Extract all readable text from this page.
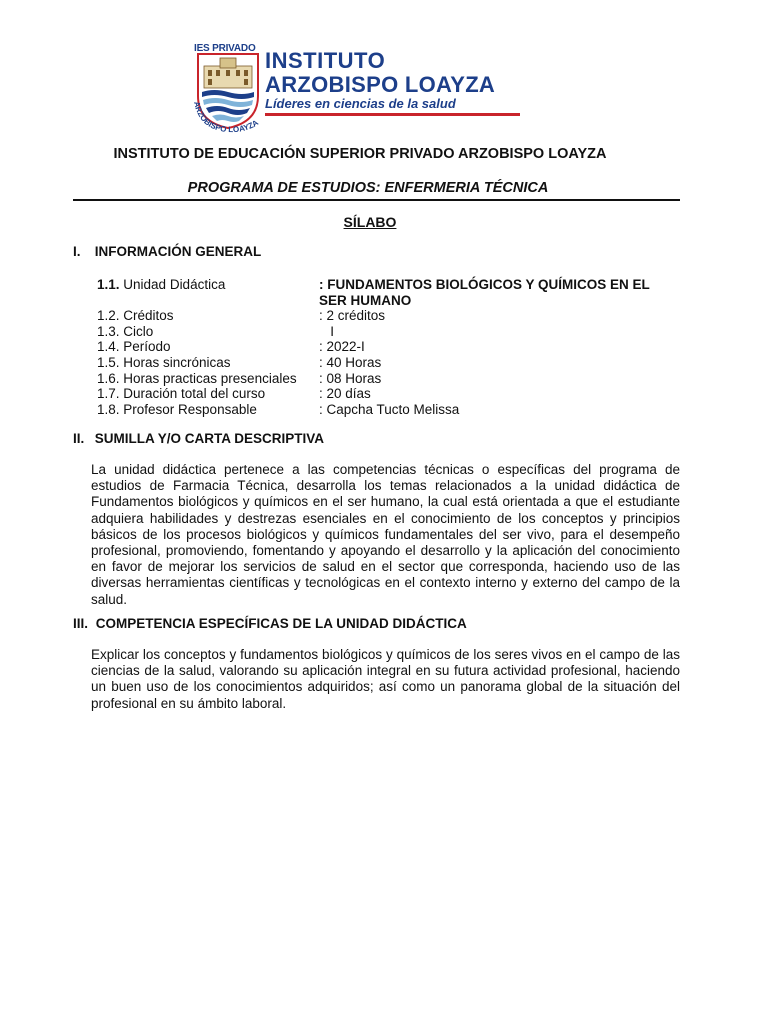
IES PRIVADO
ARZOBISPO LOAYZA
INSTITUTO
ARZOBISPO LOAYZA
Líderes en ciencias de la salud
INSTITUTO DE EDUCACIÓN SUPERIOR PRIVADO ARZOBISPO LOAYZA
PROGRAMA DE ESTUDIOS: ENFERMERIA TÉCNICA
SÍLABO
I. INFORMACIÓN GENERAL
1.1. Unidad Didáctica	: FUNDAMENTOS BIOLÓGICOS Y QUÍMICOS EN EL SER HUMANO
1.2. Créditos	: 2 créditos
1.3. Ciclo	I
1.4. Período	: 2022-I
1.5. Horas sincrónicas	: 40 Horas
1.6. Horas practicas presenciales : 08 Horas
1.7. Duración total del curso	: 20 días
1.8. Profesor Responsable	: Capcha Tucto Melissa
II. SUMILLA Y/O CARTA DESCRIPTIVA
La unidad didáctica pertenece a las competencias técnicas o específicas del programa de estudios de Farmacia Técnica, desarrolla los temas relacionados a la unidad didáctica de Fundamentos biológicos y químicos en el ser humano, la cual está orientada a que el estudiante adquiera habilidades y destrezas esenciales en el conocimiento de los conceptos y principios básicos de los procesos biológicos y químicos fundamentales del ser vivo, para el desempeño profesional, promoviendo, fomentando y apoyando el desarrollo y la aplicación del conocimiento en favor de mejorar los servicios de salud en el sector que corresponda, haciendo uso de las diversas herramientas científicas y tecnológicas en el contexto interno y externo del campo de la salud.
III. COMPETENCIA ESPECÍFICAS DE LA UNIDAD DIDÁCTICA
Explicar los conceptos y fundamentos biológicos y químicos de los seres vivos en el campo de las ciencias de la salud, valorando su aplicación integral en su futura actividad profesional, haciendo un buen uso de los conocimientos adquiridos; así como un panorama global de la situación del profesional en su ámbito laboral.
